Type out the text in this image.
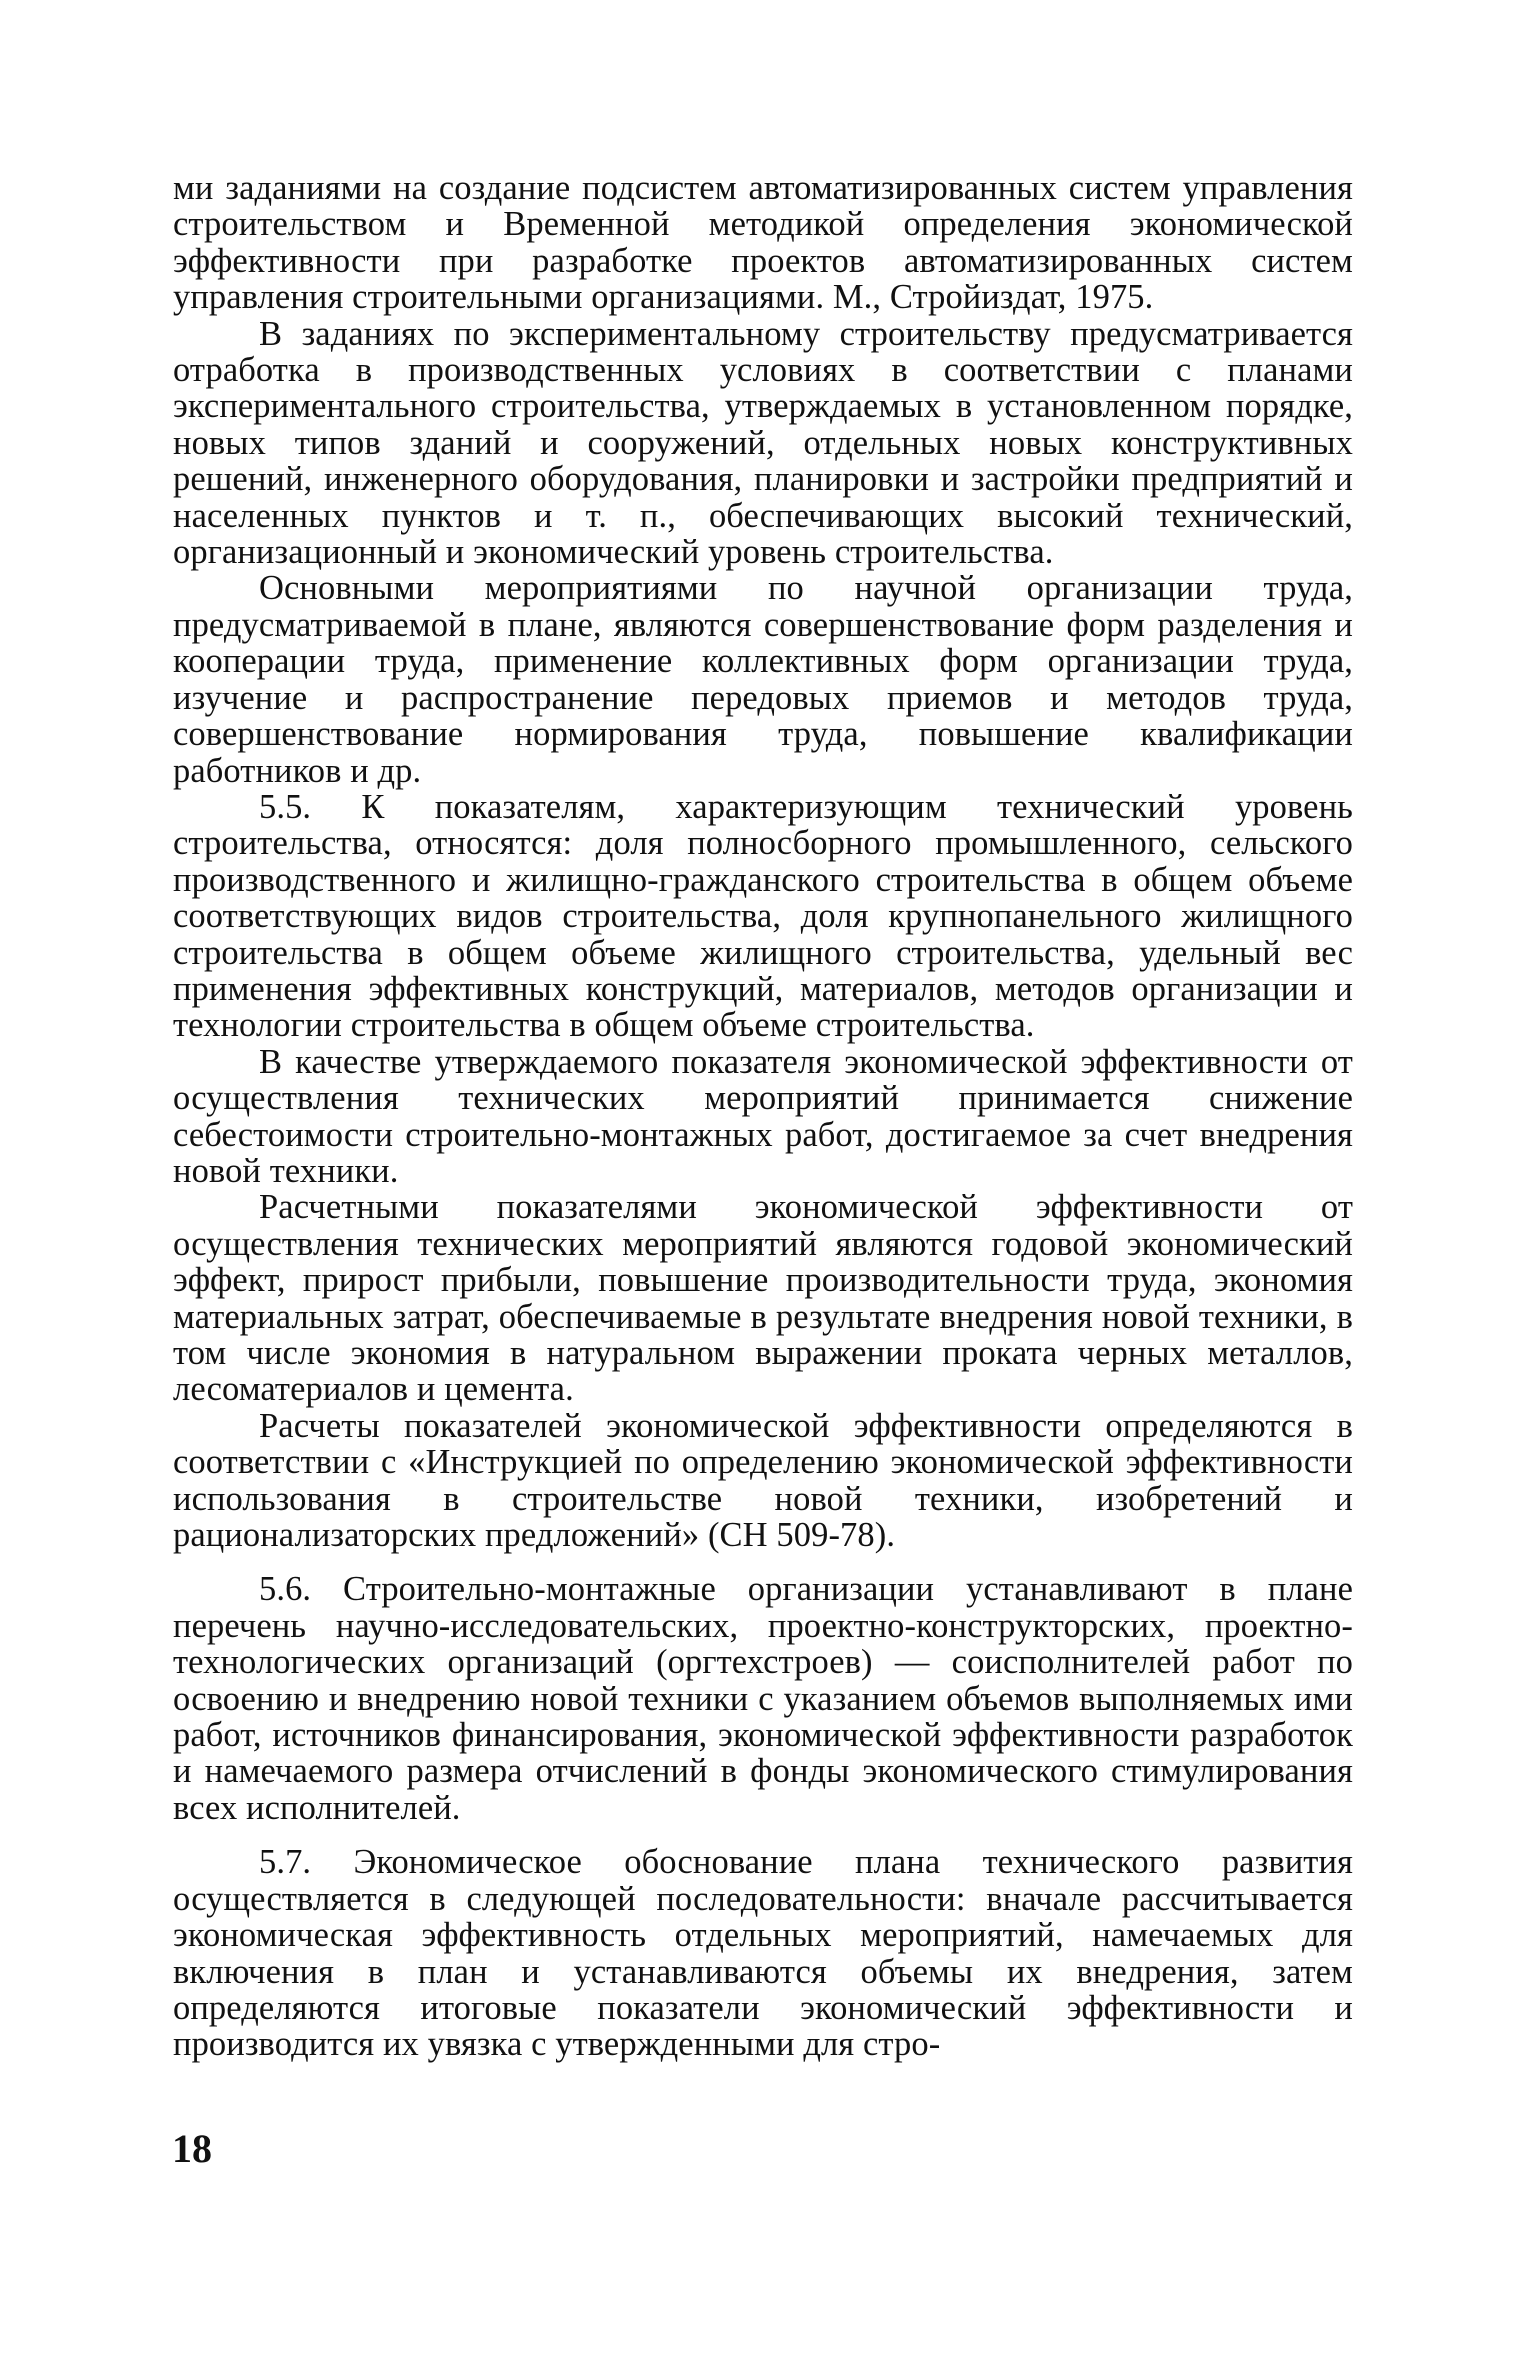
ми заданиями на создание подсистем автоматизированных систем управления строительством и Временной методикой определения экономической эффективности при разработке проектов автоматизированных систем управления строительными организациями. М., Стройиздат, 1975.

В заданиях по экспериментальному строительству предусматривается отработка в производственных условиях в соответствии с планами экспериментального строительства, утверждаемых в установленном порядке, новых типов зданий и сооружений, отдельных новых конструктивных решений, инженерного оборудования, планировки и застройки предприятий и населенных пунктов и т. п., обеспечивающих высокий технический, организационный и экономический уровень строительства.

Основными мероприятиями по научной организации труда, предусматриваемой в плане, являются совершенствование форм разделения и кооперации труда, применение коллективных форм организации труда, изучение и распространение передовых приемов и методов труда, совершенствование нормирования труда, повышение квалификации работников и др.

5.5. К показателям, характеризующим технический уровень строительства, относятся: доля полносборного промышленного, сельского производственного и жилищно-гражданского строительства в общем объеме соответствующих видов строительства, доля крупнопанельного жилищного строительства в общем объеме жилищного строительства, удельный вес применения эффективных конструкций, материалов, методов организации и технологии строительства в общем объеме строительства.

В качестве утверждаемого показателя экономической эффективности от осуществления технических мероприятий принимается снижение себестоимости строительно-монтажных работ, достигаемое за счет внедрения новой техники.

Расчетными показателями экономической эффективности от осуществления технических мероприятий являются годовой экономический эффект, прирост прибыли, повышение производительности труда, экономия материальных затрат, обеспечиваемые в результате внедрения новой техники, в том числе экономия в натуральном выражении проката черных металлов, лесоматериалов и цемента.

Расчеты показателей экономической эффективности определяются в соответствии с «Инструкцией по определению экономической эффективности использования в строительстве новой техники, изобретений и рационализаторских предложений» (СН 509-78).

5.6. Строительно-монтажные организации устанавливают в плане перечень научно-исследовательских, проектно-конструкторских, проектно-технологических организаций (оргтехстроев) — соисполнителей работ по освоению и внедрению новой техники с указанием объемов выполняемых ими работ, источников финансирования, экономической эффективности разработок и намечаемого размера отчислений в фонды экономического стимулирования всех исполнителей.

5.7. Экономическое обоснование плана технического развития осуществляется в следующей последовательности: вначале рассчитывается экономическая эффективность отдельных мероприятий, намечаемых для включения в план и устанавливаются объемы их внедрения, затем определяются итоговые показатели экономический эффективности и производится их увязка с утвержденными для стро-

18
